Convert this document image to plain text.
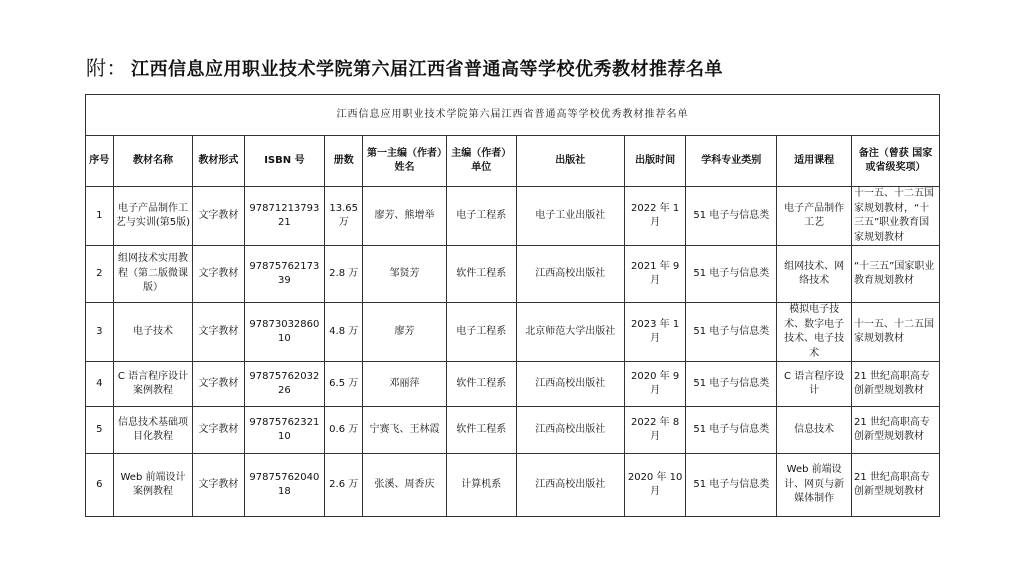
附： 江西信息应用职业技术学院第六届江西省普通高等学校优秀教材推荐名单
江西信息应用职业技术学院第六届江西省普通高等学校优秀教材推荐名单											
序号	教材名称	教材形式	ISBN 号	册数	第一主编（作者）姓名	主编（作者）单位	出版社	出版时间	学科专业类别	适用课程	备注（曾获 国家或省级奖项）
1	电子产品制作工艺与实训(第5版)	文字教材	9787121379321	13.65万	廖芳、熊增举	电子工程系	电子工业出版社	2022 年 1 月	51 电子与信息类	电子产品制作工艺	十一五、十二五国家规划教材，“十三五”职业教育国家规划教材
2	组网技术实用教程（第二版微课版）	文字教材	9787576217339	2.8 万	邹贤芳	软件工程系	江西高校出版社	2021 年 9 月	51 电子与信息类	组网技术、网络技术	“十三五”国家职业教育规划教材
3	电子技术	文字教材	9787303286010	4.8 万	廖芳	电子工程系	北京师范大学出版社	2023 年 1 月	51 电子与信息类	模拟电子技术、数字电子技术、电子技术	十一五、十二五国家规划教材
4	C 语言程序设计案例教程	文字教材	9787576203226	6.5 万	邓丽萍	软件工程系	江西高校出版社	2020 年 9 月	51 电子与信息类	C 语言程序设计	21 世纪高职高专创新型规划教材
5	信息技术基础项目化教程	文字教材	9787576232110	0.6 万	宁赛飞、王林霞	软件工程系	江西高校出版社	2022 年 8 月	51 电子与信息类	信息技术	21 世纪高职高专创新型规划教材
6	Web 前端设计案例教程	文字教材	9787576204018	2.6 万	张溪、周香庆	计算机系	江西高校出版社	2020 年 10 月	51 电子与信息类	Web 前端设计、网页与新媒体制作	21 世纪高职高专创新型规划教材
